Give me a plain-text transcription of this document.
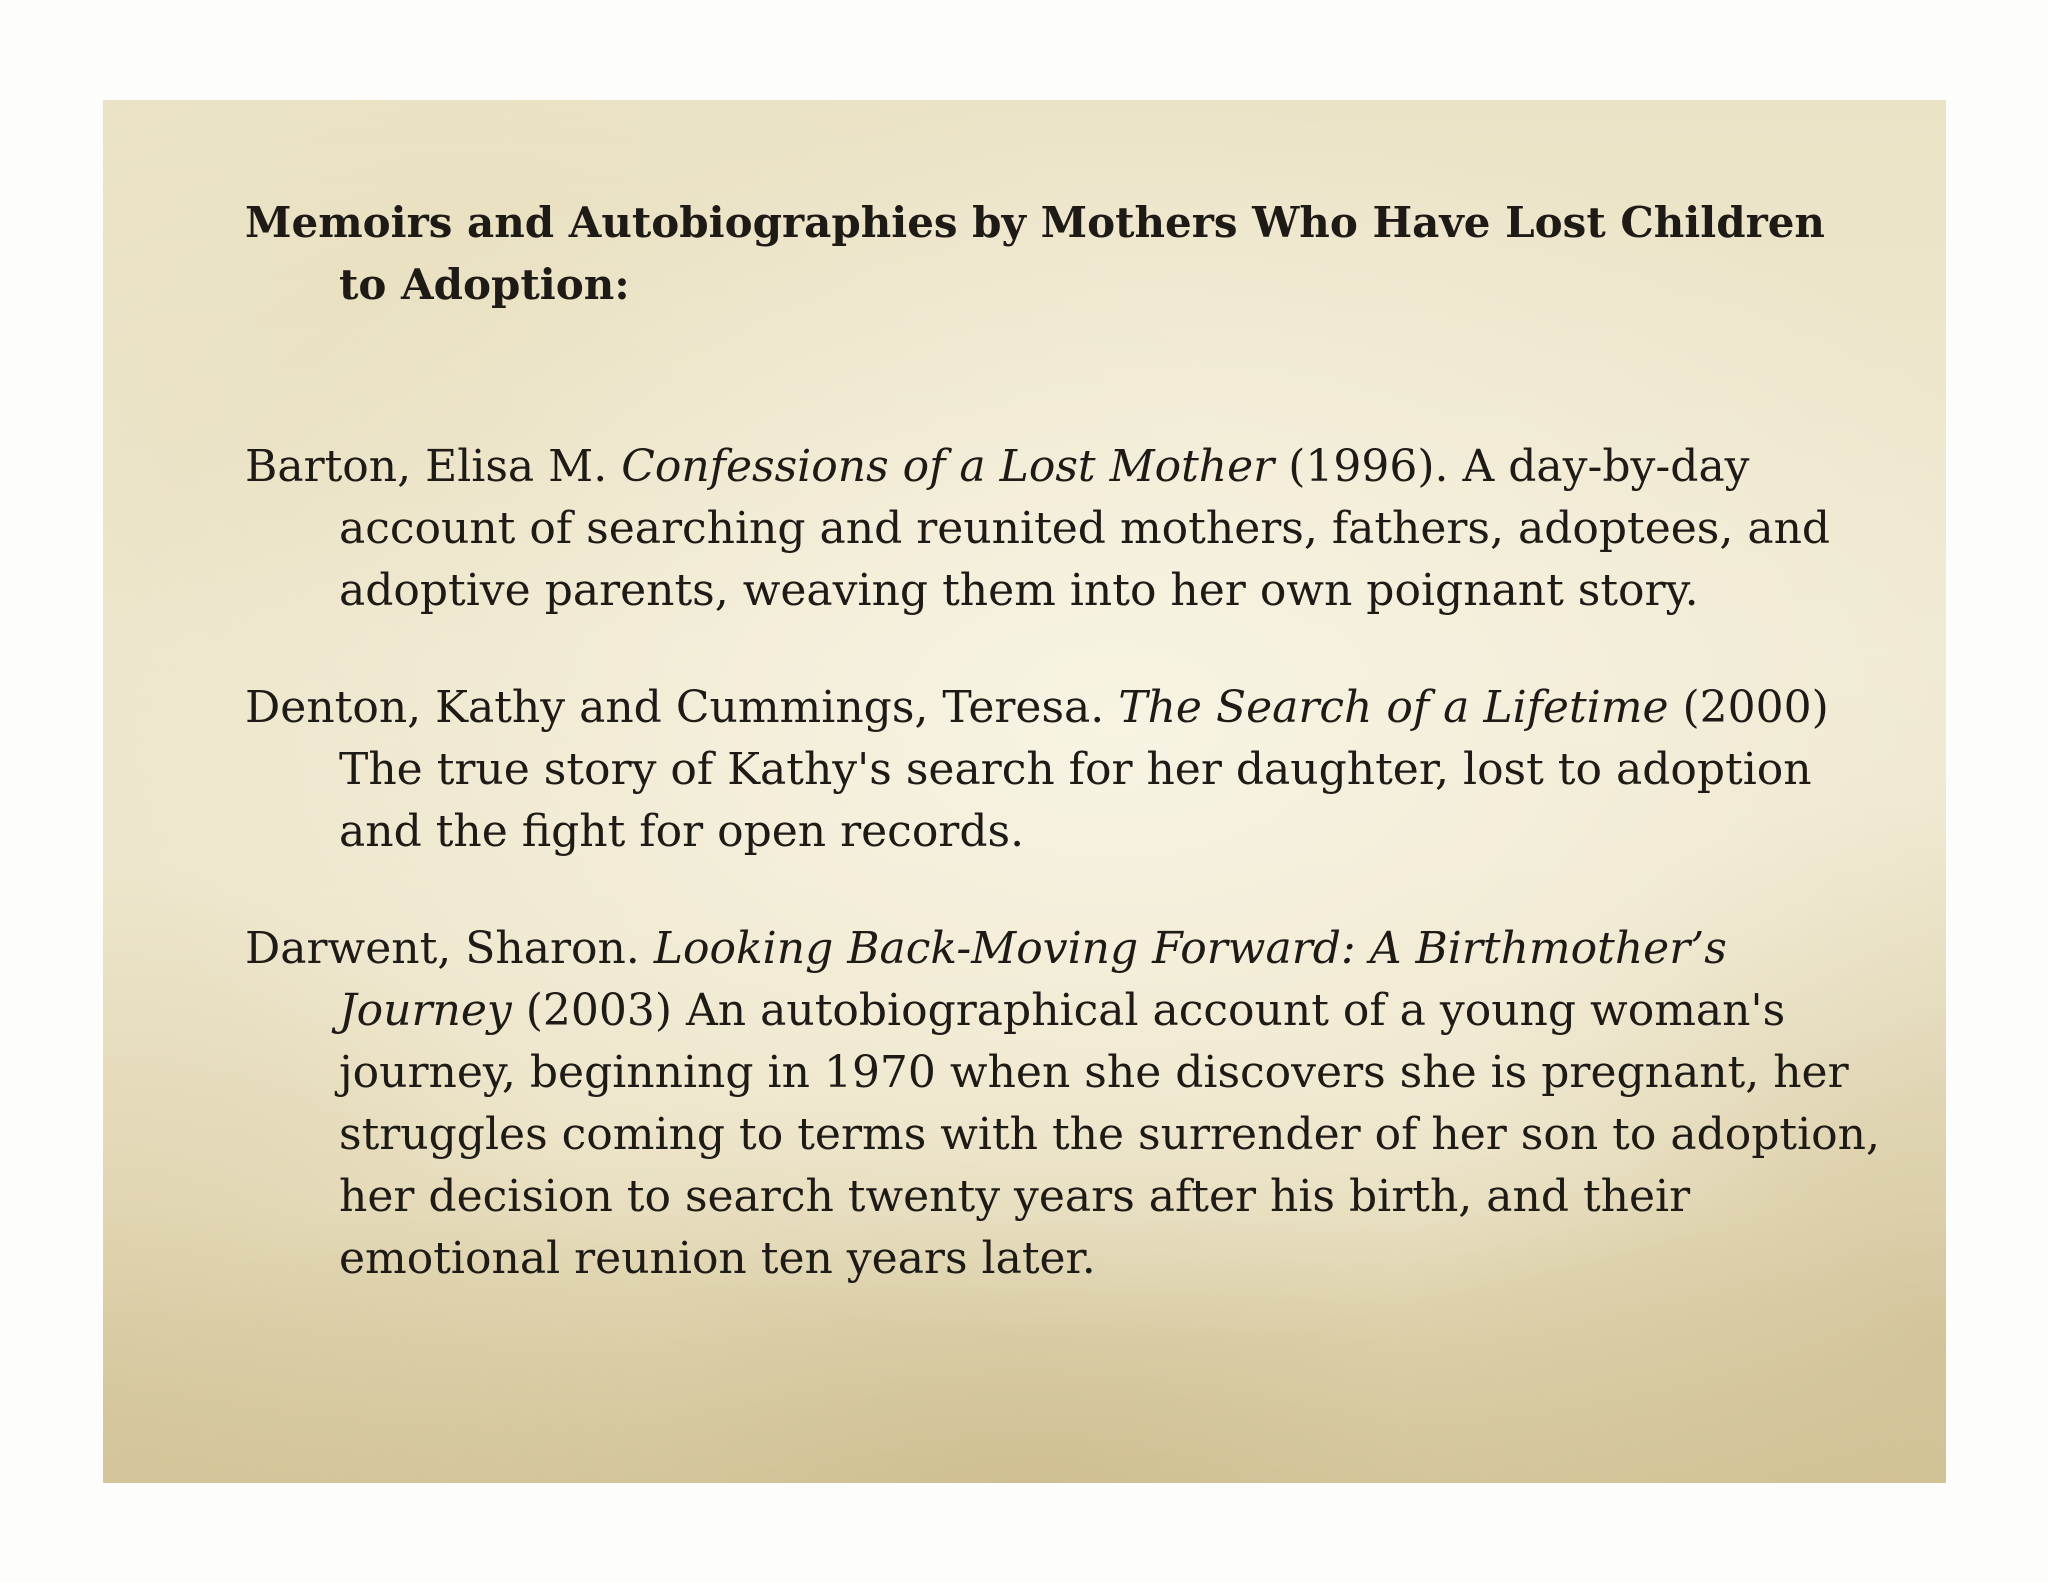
Memoirs and Autobiographies by Mothers Who Have Lost Children to Adoption:

Barton, Elisa M. Confessions of a Lost Mother (1996). A day-by-day account of searching and reunited mothers, fathers, adoptees, and adoptive parents, weaving them into her own poignant story.

Denton, Kathy and Cummings, Teresa. The Search of a Lifetime (2000) The true story of Kathy's search for her daughter, lost to adoption and the fight for open records.

Darwent, Sharon. Looking Back-Moving Forward: A Birthmother’s Journey (2003) An autobiographical account of a young woman's journey, beginning in 1970 when she discovers she is pregnant, her struggles coming to terms with the surrender of her son to adoption, her decision to search twenty years after his birth, and their emotional reunion ten years later.
